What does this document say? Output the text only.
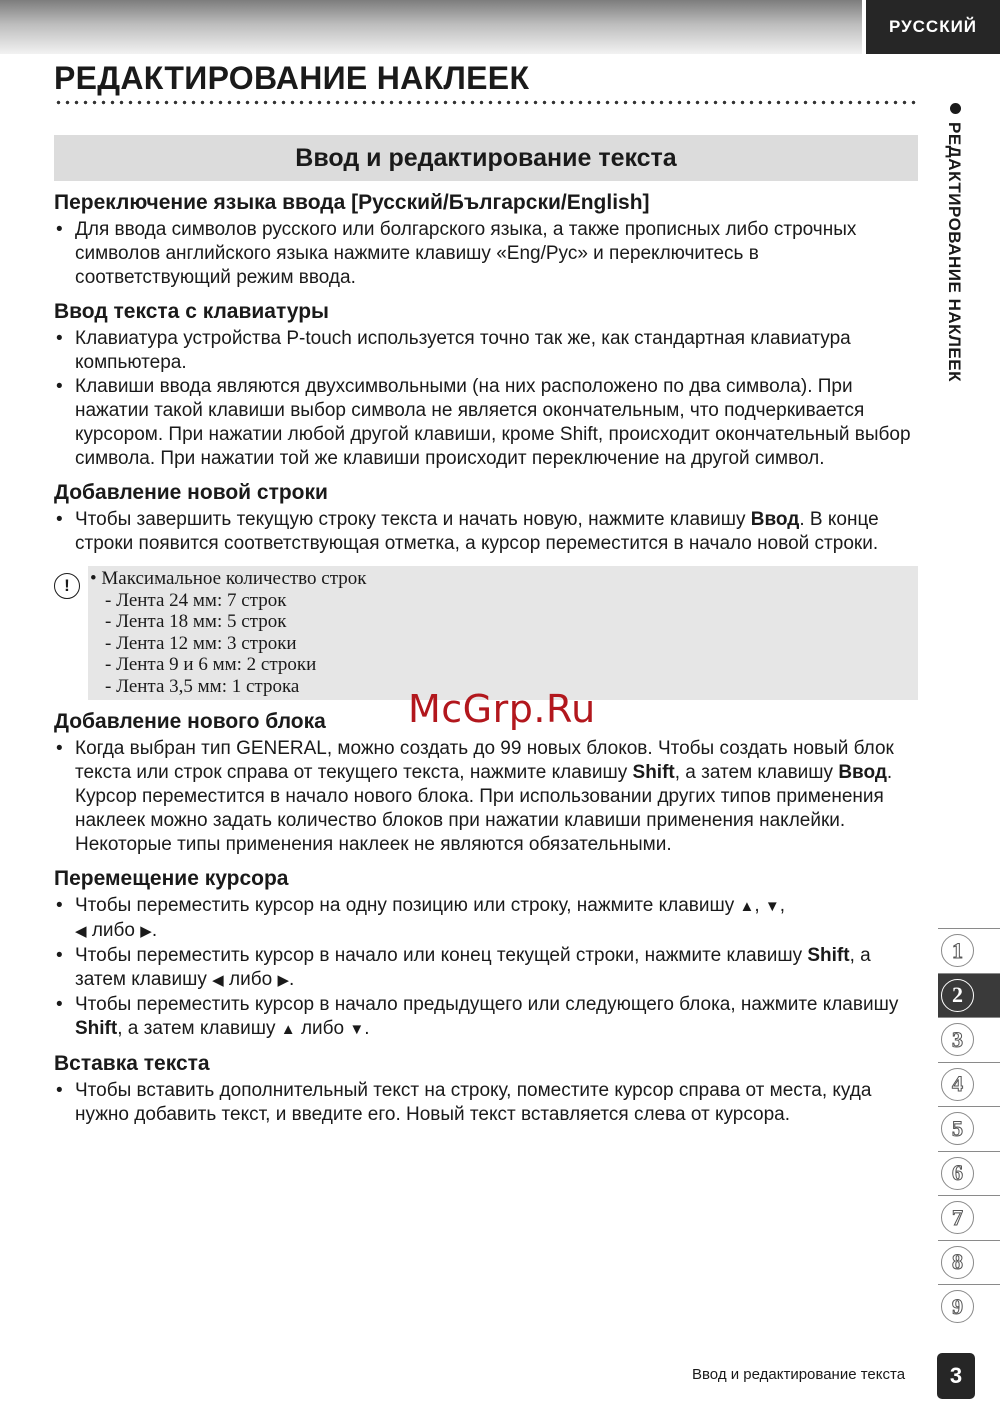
РУССКИЙ
РЕДАКТИРОВАНИЕ НАКЛЕЕК
РЕДАКТИРОВАНИЕ НАКЛЕЕК
Ввод и редактирование текста
Переключение языка ввода [Русский/Български/English]
• Для ввода символов русского или болгарского языка, а также прописных либо строчных символов английского языка нажмите клавишу «Eng/Рус» и переключитесь в соответствующий режим ввода.
Ввод текста с клавиатуры
• Клавиатура устройства P-touch используется точно так же, как стандартная клавиатура компьютера.
• Клавиши ввода являются двухсимвольными (на них расположено по два символа). При нажатии такой клавиши выбор символа не является окончательным, что подчеркивается курсором. При нажатии любой другой клавиши, кроме Shift, происходит окончательный выбор символа. При нажатии той же клавиши происходит переключение на другой символ.
Добавление новой строки
• Чтобы завершить текущую строку текста и начать новую, нажмите клавишу Ввод. В конце строки появится соответствующая отметка, а курсор переместится в начало новой строки.
!
•	Максимальное количество строк
- Лента 24 мм: 7 строк
- Лента 18 мм: 5 строк
- Лента 12 мм: 3 строки
- Лента 9 и 6 мм: 2 строки
- Лента 3,5 мм: 1 строка
Добавление нового блока
• Когда выбран тип GENERAL, можно создать до 99 новых блоков. Чтобы создать новый блок текста или строк справа от текущего текста, нажмите клавишу Shift, а затем клавишу Ввод. Курсор переместится в начало нового блока. При использовании других типов применения наклеек можно задать количество блоков при нажатии клавиши применения наклейки. Некоторые типы применения наклеек не являются обязательными.
Перемещение курсора
• Чтобы переместить курсор на одну позицию или строку, нажмите клавишу ▲, ▼,
◀ либо ▶.
• Чтобы переместить курсор в начало или конец текущей строки, нажмите клавишу Shift, а затем клавишу ◀ либо ▶.
• Чтобы переместить курсор в начало предыдущего или следующего блока, нажмите клавишу Shift, а затем клавишу ▲ либо ▼.
Вставка текста
• Чтобы вставить дополнительный текст на строку, поместите курсор справа от места, куда нужно добавить текст, и введите его. Новый текст вставляется слева от курсора.
McGrp.Ru
1
2
3
4
5
6
7
8
9
Ввод и редактирование текста	3
